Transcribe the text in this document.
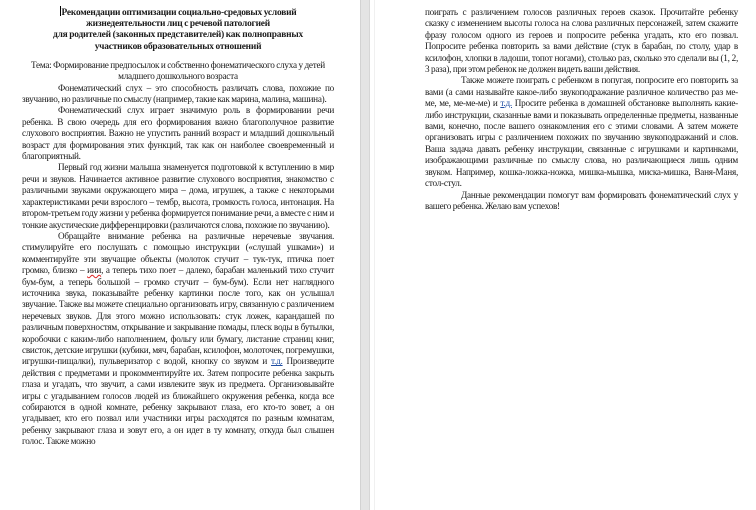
Рекомендации оптимизации социально-средовых условий
жизнедеятельности лиц с речевой патологией
для родителей (законных представителей) как полноправных
участников образовательных отношений

Тема: Формирование предпосылок и собственно фонематического слуха у детей младшего дошкольного возраста

Фонематический слух – это способность различать слова, похожие по звучанию, но различные по смыслу (например, такие как марина, малина, машина).

Фонематический слух играет значимую роль в формировании речи ребенка. В свою очередь для его формирования важно благополучное развитие слухового восприятия. Важно не упустить ранний возраст и младший дошкольный возраст для формирования этих функций, так как он наиболее своевременный и благоприятный.

Первый год жизни малыша знаменуется подготовкой к вступлению в мир речи и звуков. Начинается активное развитие слухового восприятия, знакомство с различными звуками окружающего мира – дома, игрушек, а также с некоторыми характеристиками речи взрослого – тембр, высота, громкость голоса, интонация. На втором-третьем году жизни у ребенка формируется понимание речи, а вместе с ним и тонкие акустические дифференцировки (различаются слова, похожие по звучанию).

Обращайте внимание ребенка на различные неречевые звучания. стимулируйте его послушать с помощью инструкции («слушай ушками») и комментируйте эти звучащие объекты (молоток стучит – тук-тук, птичка поет громко, близко – иии, а теперь тихо поет – далеко, барабан маленький тихо стучит бум-бум, а теперь большой – громко стучит – бум-бум). Если нет наглядного источника звука, показывайте ребенку картинки после того, как он услышал звучание. Также вы можете специально организовать игру, связанную с различением неречевых звуков. Для этого можно использовать: стук ложек, карандашей по различным поверхностям, открывание и закрывание помады, плеск воды в бутылки, коробочки с каким-либо наполнением, фольгу или бумагу, листание страниц книг, свисток, детские игрушки (кубики, мяч, барабан, ксилофон, молоточек, погремушки, игрушки-пищалки), пульверизатор с водой, кнопку со звуком и т.д. Произведите действия с предметами и прокомментируйте их. Затем попросите ребенка закрыть глаза и угадать, что звучит, а сами извлеките звук из предмета. Организовывайте игры с угадыванием голосов людей из ближайшего окружения ребенка, когда все собираются в одной комнате, ребенку закрывают глаза, его кто-то зовет, а он угадывает, кто его позвал или участники игры расходятся по разным комнатам, ребенку закрывают глаза и зовут его, а он идет в ту комнату, откуда был слышен голос. Также можно

поиграть с различением голосов различных героев сказок. Прочитайте ребенку сказку с изменением высоты голоса на слова различных персонажей, затем скажите фразу голосом одного из героев и попросите ребенка угадать, кто его позвал. Попросите ребенка повторить за вами действие (стук в барабан, по столу, удар в ксилофон, хлопки в ладоши, топот ногами), столько раз, сколько это сделали вы (1, 2, 3 раза), при этом ребенок не должен видеть ваши действия.

Также можете поиграть с ребенком в попугая, попросите его повторить за вами (а сами называйте какое-либо звукоподражание различное количество раз ме-ме, ме, ме-ме-ме) и т.д. Просите ребенка в домашней обстановке выполнять какие-либо инструкции, сказанные вами и показывать определенные предметы, названные вами, конечно, после вашего ознакомления его с этими словами. А затем можете организовать игры с различением похожих по звучанию звукоподражаний и слов. Ваша задача давать ребенку инструкции, связанные с игрушками и картинками, изображающими различные по смыслу слова, но различающиеся лишь одним звуком. Например, кошка-ложка-ножка, мишка-мышка, миска-мишка, Ваня-Маня, стол-стул.

Данные рекомендации помогут вам формировать фонематический слух у вашего ребенка. Желаю вам успехов!
